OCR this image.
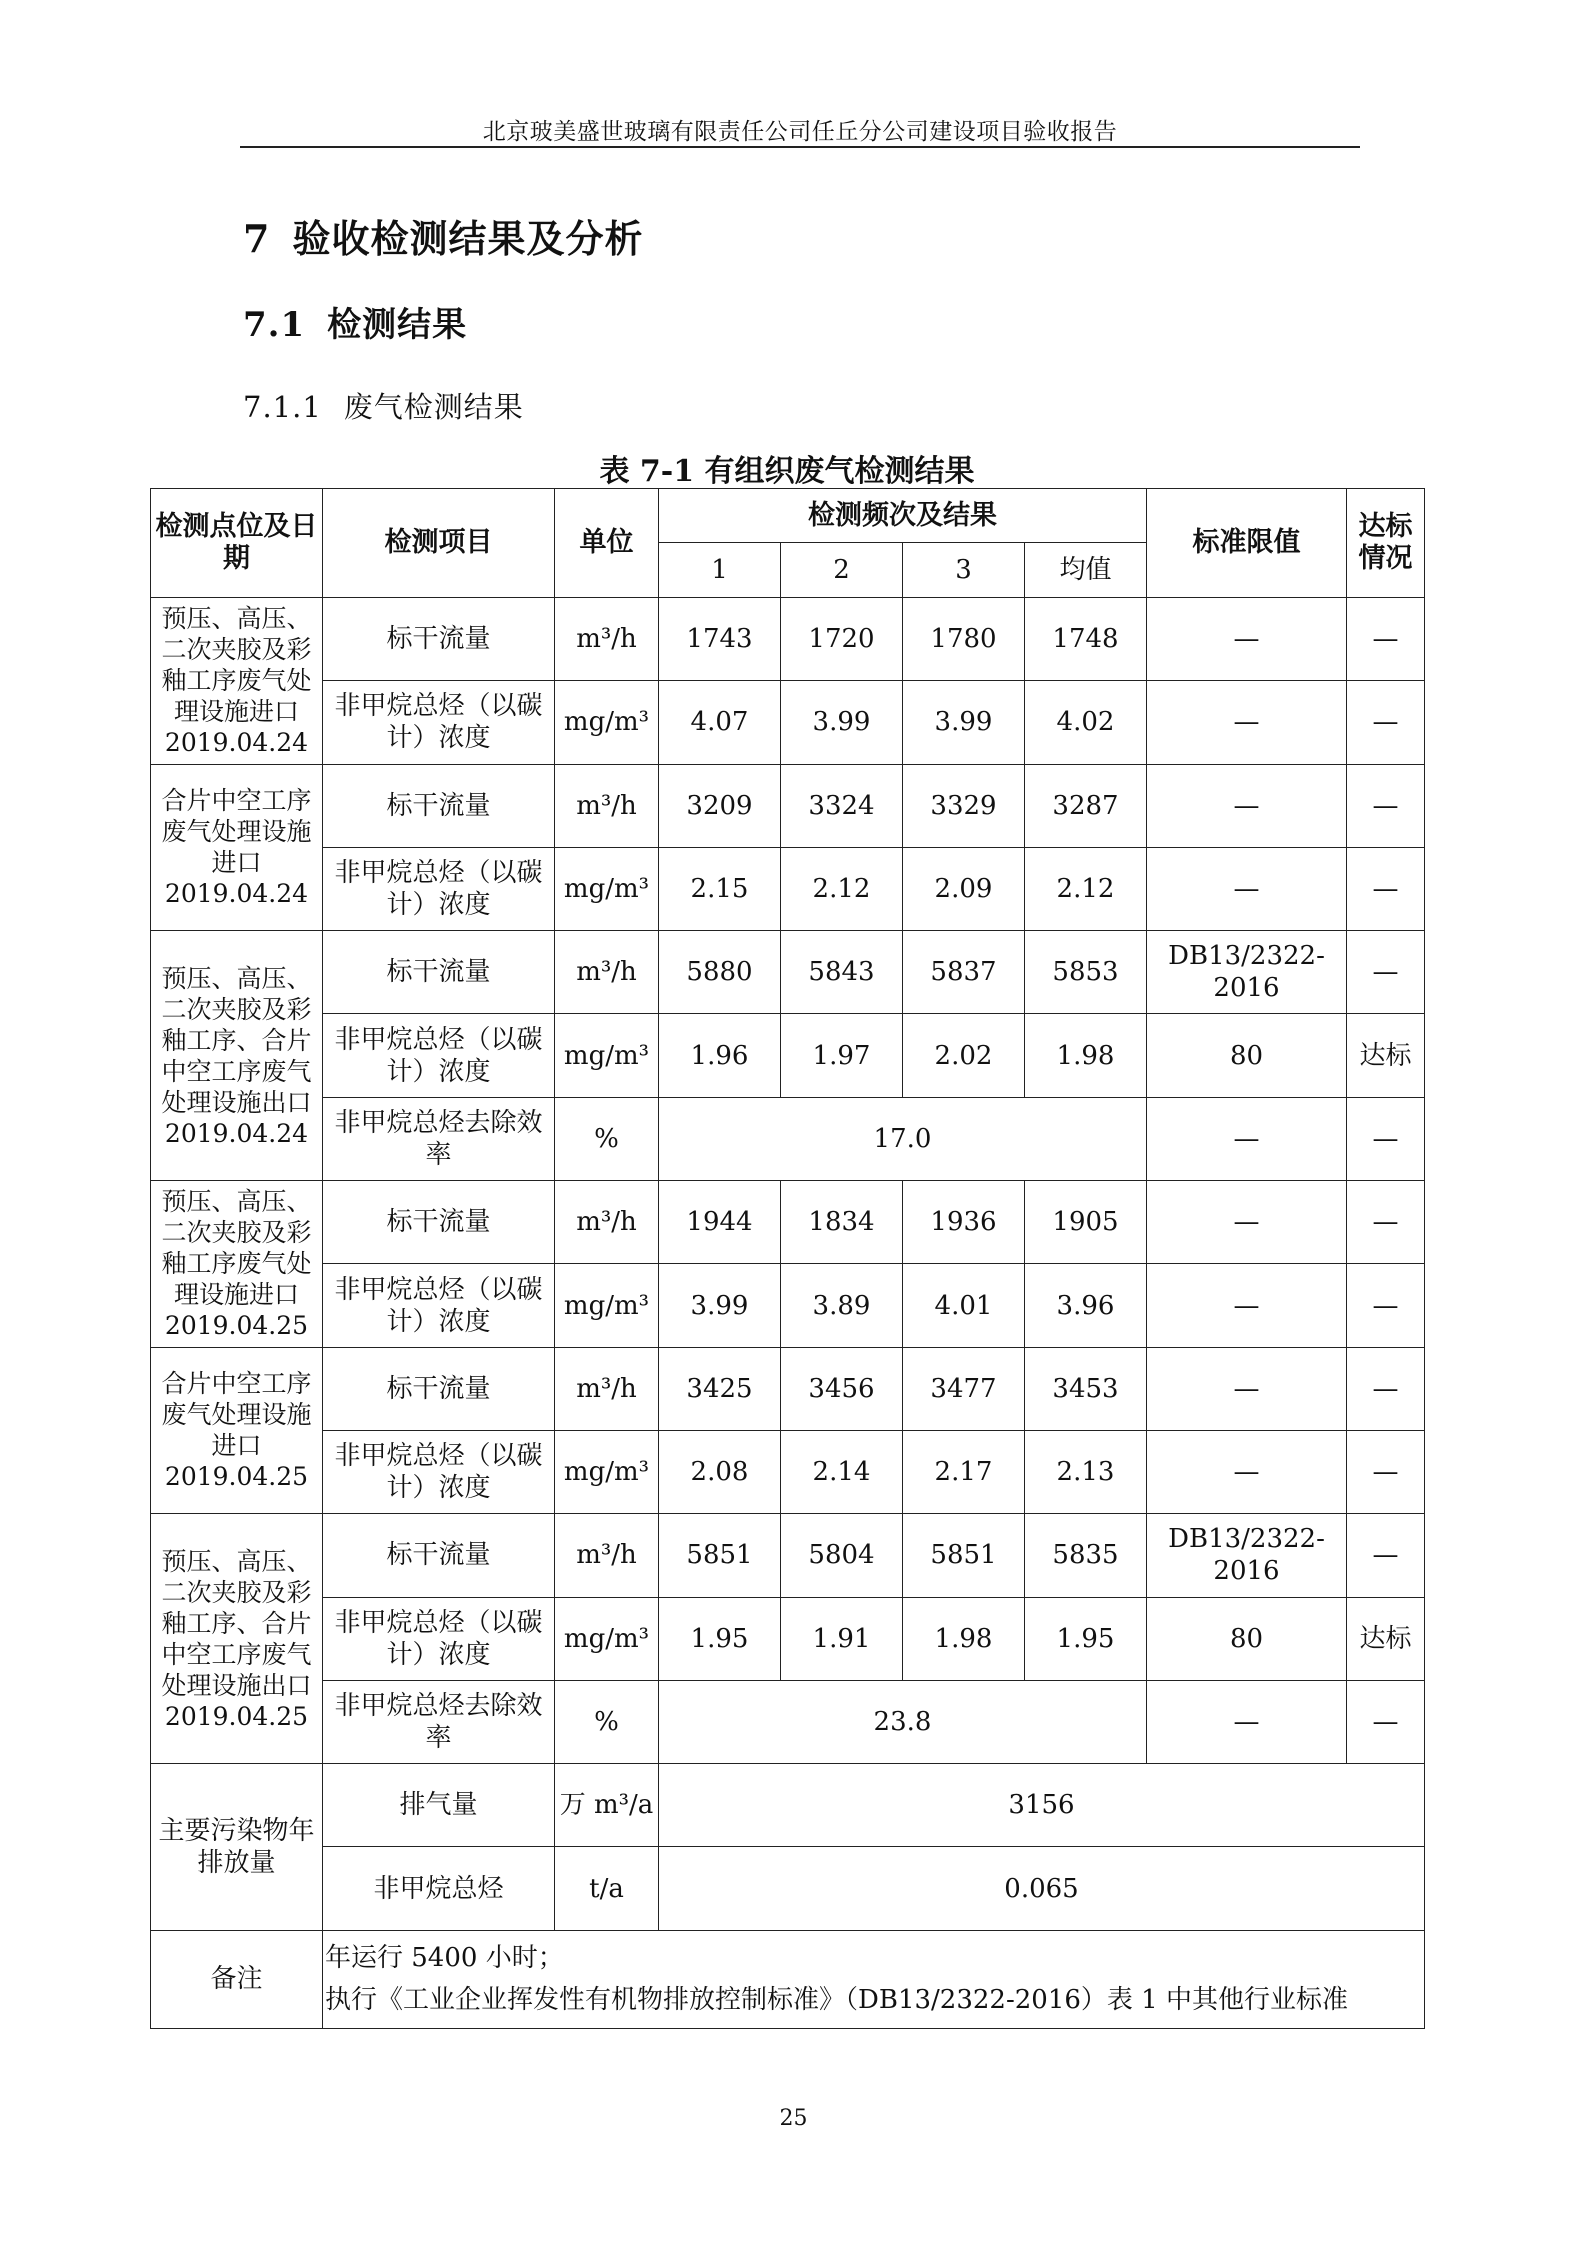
北京玻美盛世玻璃有限责任公司任丘分公司建设项目验收报告
7 验收检测结果及分析
7.1 检测结果
7.1.1 废气检测结果
表 7-1 有组织废气检测结果
检测点位及日期	检测项目	单位	检测频次及结果				标准限值	达标情况
			1	2	3	均值		
预压、高压、二次夹胶及彩釉工序废气处理设施进口 2019.04.24	标干流量	m³/h	1743	1720	1780	1748	—	—
	非甲烷总烃（以碳计）浓度	mg/m³	4.07	3.99	3.99	4.02	—	—
合片中空工序废气处理设施进口 2019.04.24	标干流量	m³/h	3209	3324	3329	3287	—	—
	非甲烷总烃（以碳计）浓度	mg/m³	2.15	2.12	2.09	2.12	—	—
预压、高压、二次夹胶及彩釉工序、合片中空工序废气处理设施出口 2019.04.24	标干流量	m³/h	5880	5843	5837	5853	DB13/2322-2016	—
	非甲烷总烃（以碳计）浓度	mg/m³	1.96	1.97	2.02	1.98	80	达标
	非甲烷总烃去除效率	%	17.0				—	—
预压、高压、二次夹胶及彩釉工序废气处理设施进口 2019.04.25	标干流量	m³/h	1944	1834	1936	1905	—	—
	非甲烷总烃（以碳计）浓度	mg/m³	3.99	3.89	4.01	3.96	—	—
合片中空工序废气处理设施进口 2019.04.25	标干流量	m³/h	3425	3456	3477	3453	—	—
	非甲烷总烃（以碳计）浓度	mg/m³	2.08	2.14	2.17	2.13	—	—
预压、高压、二次夹胶及彩釉工序、合片中空工序废气处理设施出口 2019.04.25	标干流量	m³/h	5851	5804	5851	5835	DB13/2322-2016	—
	非甲烷总烃（以碳计）浓度	mg/m³	1.95	1.91	1.98	1.95	80	达标
	非甲烷总烃去除效率	%	23.8				—	—
主要污染物年排放量	排气量	万 m³/a	3156					
	非甲烷总烃	t/a	0.065					
备注	年运行 5400 小时；
执行《工业企业挥发性有机物排放控制标准》（DB13/2322-2016）表 1 中其他行业标准							
25
